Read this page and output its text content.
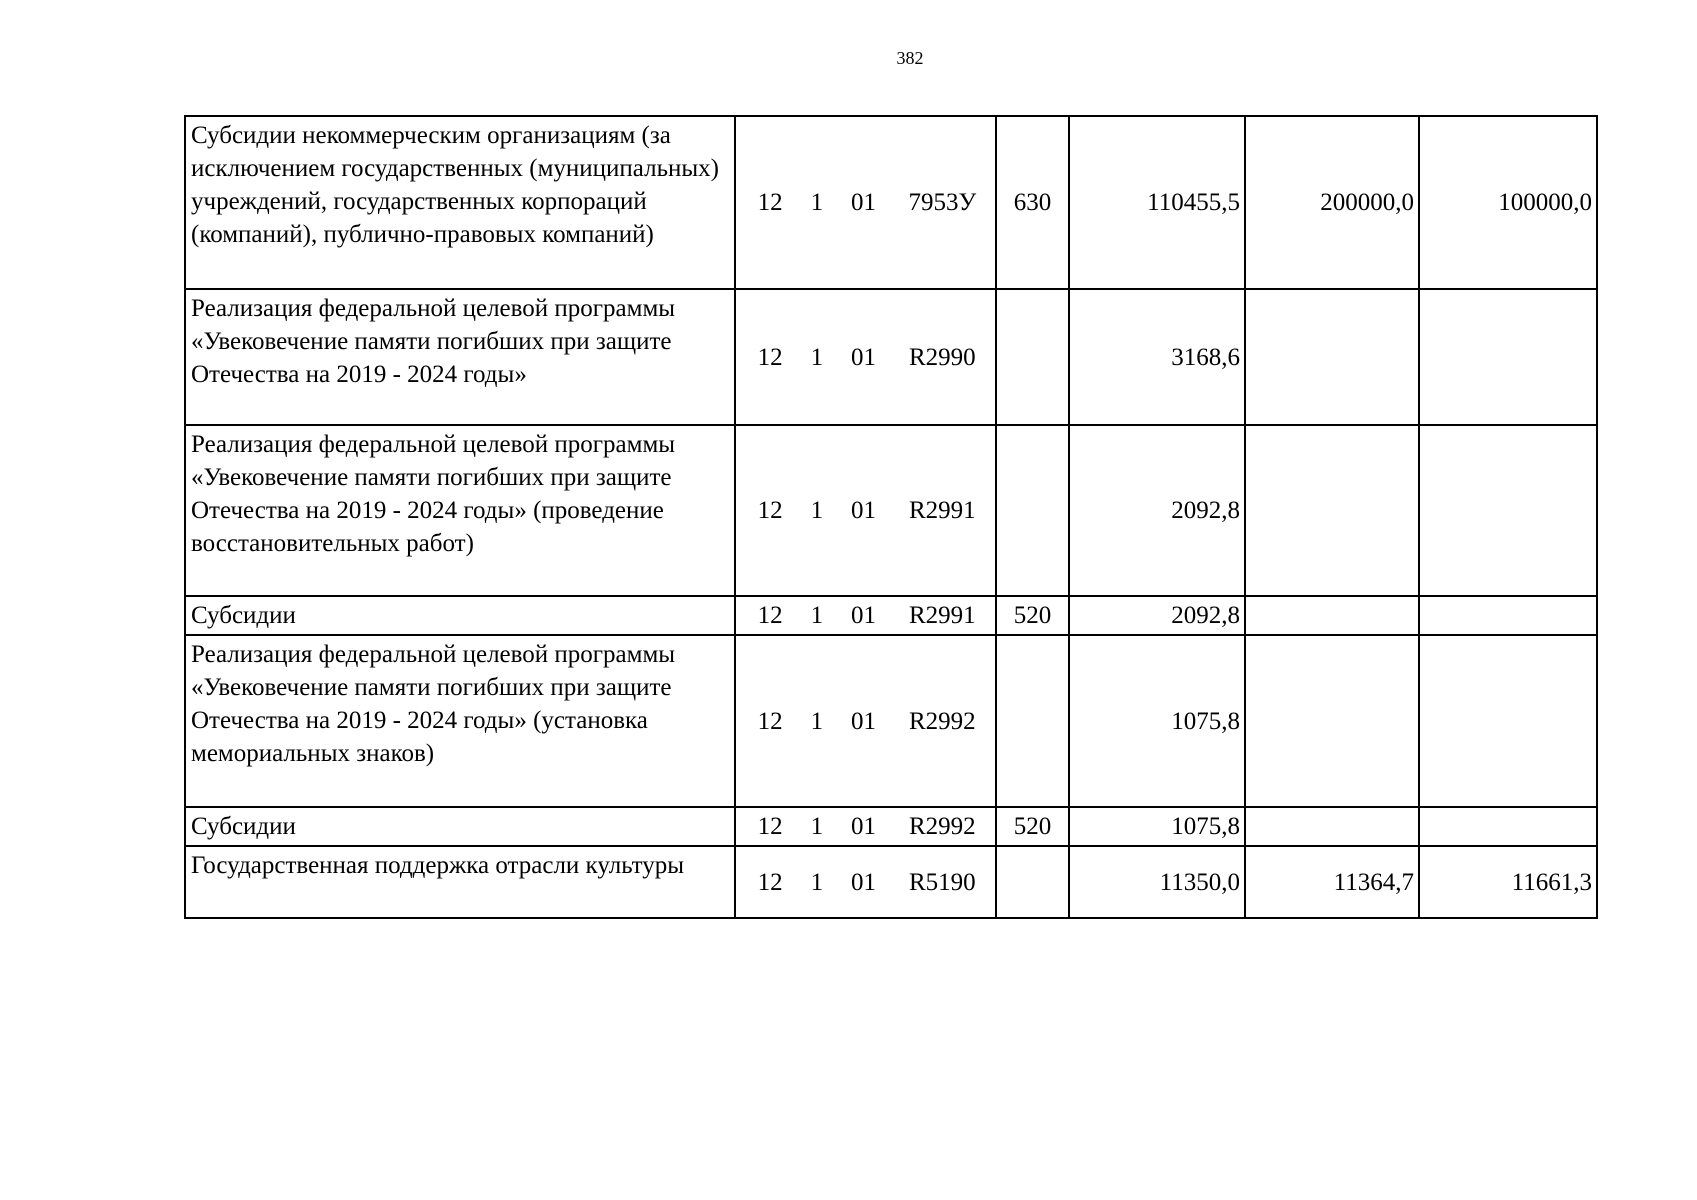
382
Субсидии некоммерческим организациям (за исключением государственных (муниципальных) учреждений, государственных корпораций (компаний), публично-правовых компаний)	12 1 01 7953У	630	110455,5	200000,0	100000,0
Реализация федеральной целевой программы «Увековечение памяти погибших при защите Отечества на 2019 - 2024 годы»	12 1 01 R2990		3168,6		
Реализация федеральной целевой программы «Увековечение памяти погибших при защите Отечества на 2019 - 2024 годы» (проведение восстановительных работ)	12 1 01 R2991		2092,8		
Субсидии	12 1 01 R2991	520	2092,8		
Реализация федеральной целевой программы «Увековечение памяти погибших при защите Отечества на 2019 - 2024 годы» (установка мемориальных знаков)	12 1 01 R2992		1075,8		
Субсидии	12 1 01 R2992	520	1075,8		
Государственная поддержка отрасли культуры	12 1 01 R5190		11350,0	11364,7	11661,3
